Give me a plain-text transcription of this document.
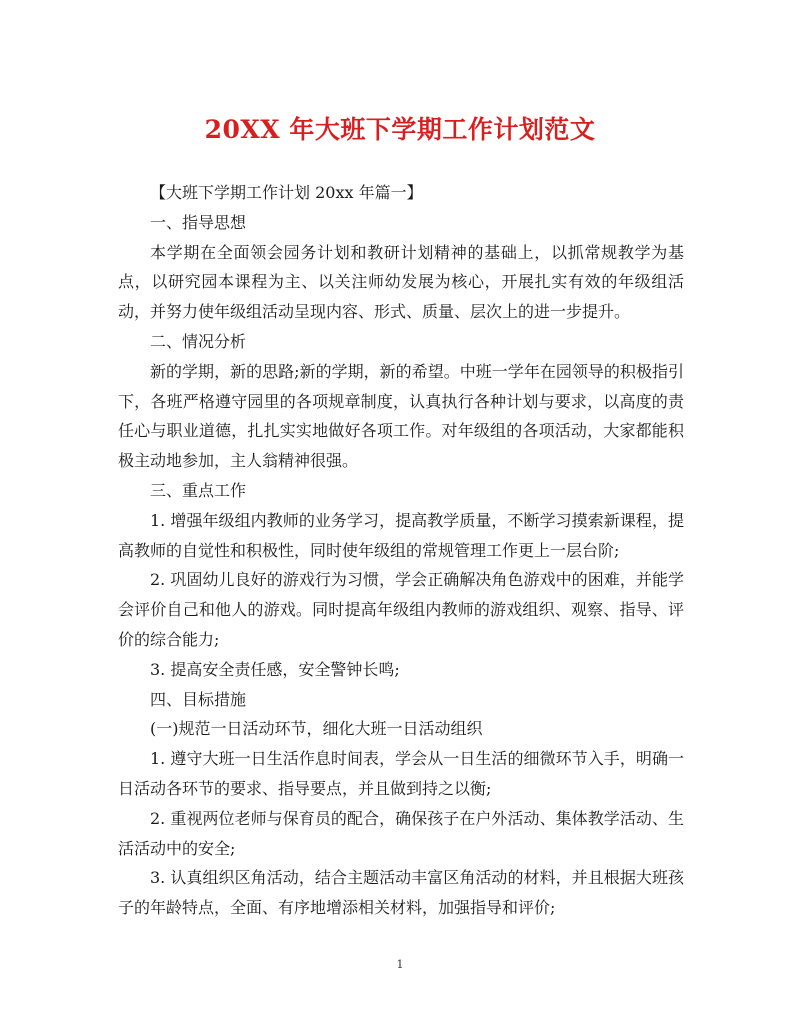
20XX 年大班下学期工作计划范文

【大班下学期工作计划 20xx 年篇一】

一、指导思想

本学期在全面领会园务计划和教研计划精神的基础上，以抓常规教学为基点，以研究园本课程为主、以关注师幼发展为核心，开展扎实有效的年级组活动，并努力使年级组活动呈现内容、形式、质量、层次上的进一步提升。

二、情况分析

新的学期，新的思路;新的学期，新的希望。中班一学年在园领导的积极指引下，各班严格遵守园里的各项规章制度，认真执行各种计划与要求，以高度的责任心与职业道德，扎扎实实地做好各项工作。对年级组的各项活动，大家都能积极主动地参加，主人翁精神很强。

三、重点工作

1. 增强年级组内教师的业务学习，提高教学质量，不断学习摸索新课程，提高教师的自觉性和积极性，同时使年级组的常规管理工作更上一层台阶;

2. 巩固幼儿良好的游戏行为习惯，学会正确解决角色游戏中的困难，并能学会评价自己和他人的游戏。同时提高年级组内教师的游戏组织、观察、指导、评价的综合能力;

3. 提高安全责任感，安全警钟长鸣;

四、目标措施

(一)规范一日活动环节，细化大班一日活动组织

1. 遵守大班一日生活作息时间表，学会从一日生活的细微环节入手，明确一日活动各环节的要求、指导要点，并且做到持之以衡;

2. 重视两位老师与保育员的配合，确保孩子在户外活动、集体教学活动、生活活动中的安全;

3. 认真组织区角活动，结合主题活动丰富区角活动的材料，并且根据大班孩子的年龄特点，全面、有序地增添相关材料，加强指导和评价;

1
